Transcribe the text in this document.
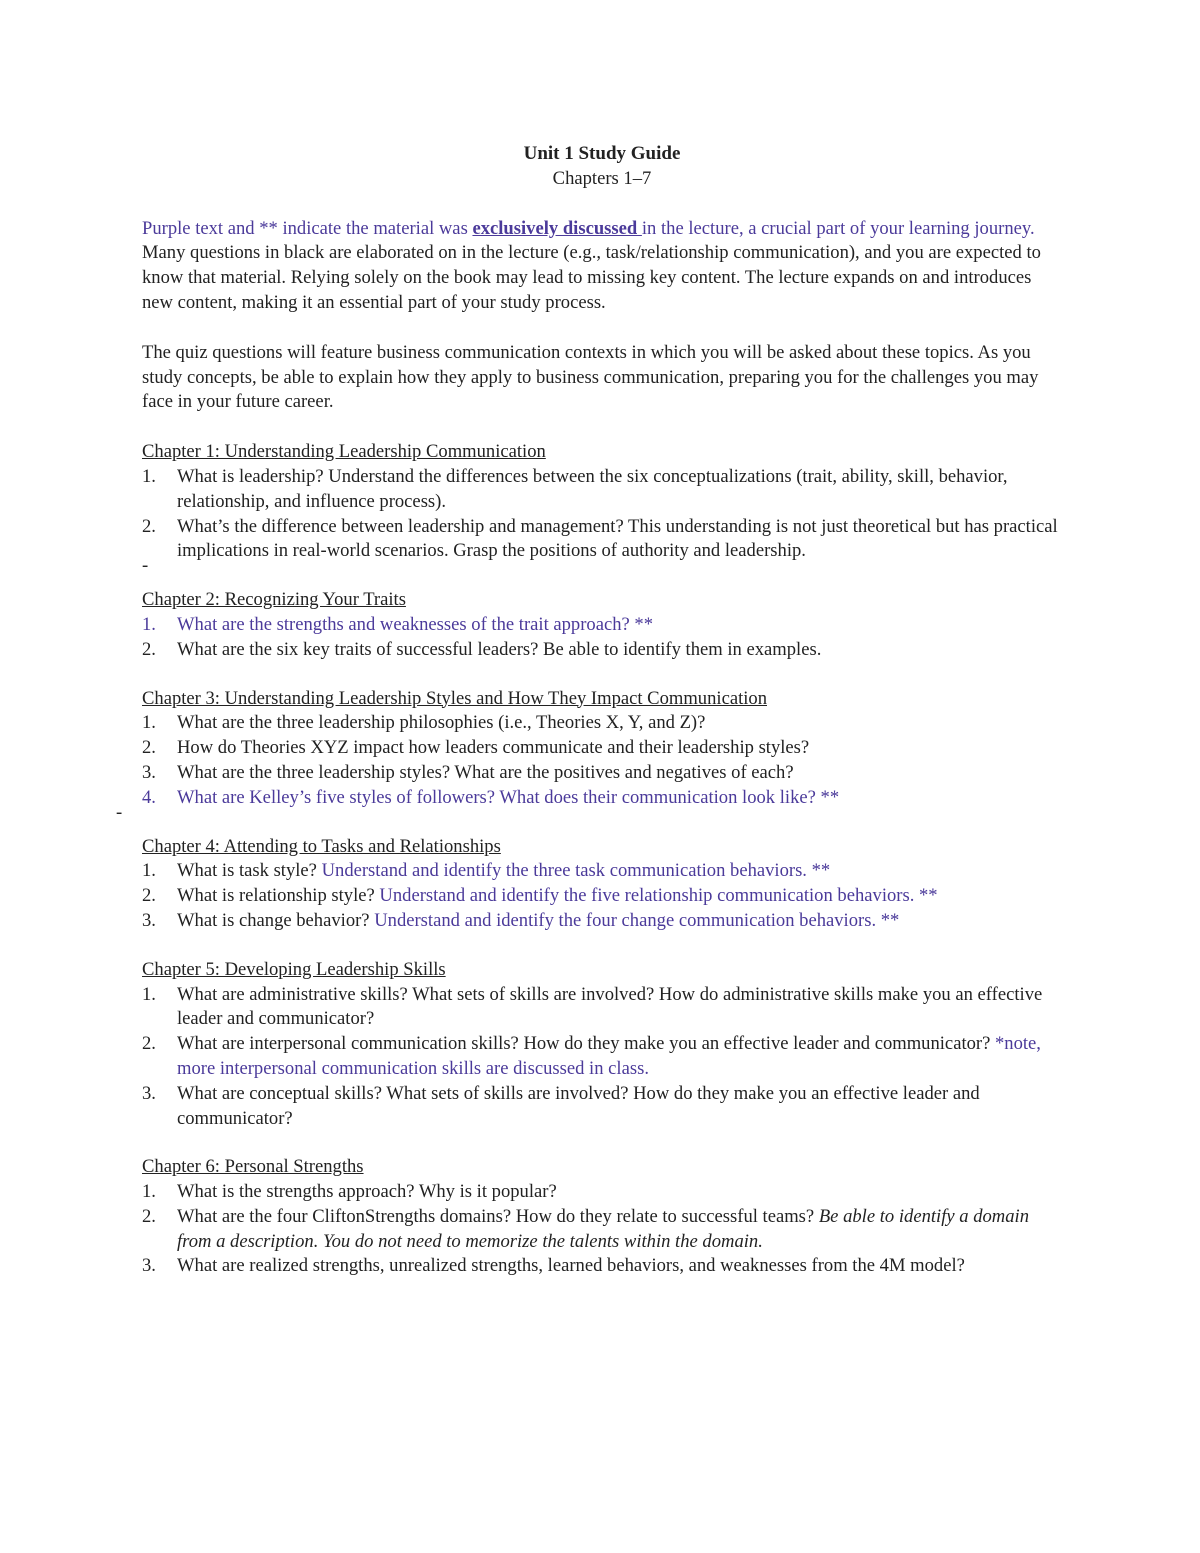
Unit 1 Study Guide
Chapters 1–7

Purple text and ** indicate the material was exclusively discussed in the lecture, a crucial part of your learning journey. Many questions in black are elaborated on in the lecture (e.g., task/relationship communication), and you are expected to know that material. Relying solely on the book may lead to missing key content. The lecture expands on and introduces new content, making it an essential part of your study process.

The quiz questions will feature business communication contexts in which you will be asked about these topics. As you study concepts, be able to explain how they apply to business communication, preparing you for the challenges you may face in your future career.

Chapter 1: Understanding Leadership Communication
1. What is leadership? Understand the differences between the six conceptualizations (trait, ability, skill, behavior, relationship, and influence process).
2. What’s the difference between leadership and management? This understanding is not just theoretical but has practical implications in real-world scenarios. Grasp the positions of authority and leadership.
-
Chapter 2: Recognizing Your Traits
1. What are the strengths and weaknesses of the trait approach? **
2. What are the six key traits of successful leaders? Be able to identify them in examples.
Chapter 3: Understanding Leadership Styles and How They Impact Communication
1. What are the three leadership philosophies (i.e., Theories X, Y, and Z)?
2. How do Theories XYZ impact how leaders communicate and their leadership styles?
3. What are the three leadership styles? What are the positives and negatives of each?
4. What are Kelley’s five styles of followers? What does their communication look like? **
-
Chapter 4: Attending to Tasks and Relationships
1. What is task style? Understand and identify the three task communication behaviors. **
2. What is relationship style? Understand and identify the five relationship communication behaviors. **
3. What is change behavior? Understand and identify the four change communication behaviors. **
Chapter 5: Developing Leadership Skills
1. What are administrative skills? What sets of skills are involved? How do administrative skills make you an effective leader and communicator?
2. What are interpersonal communication skills? How do they make you an effective leader and communicator? *note, more interpersonal communication skills are discussed in class.
3. What are conceptual skills? What sets of skills are involved? How do they make you an effective leader and communicator?
Chapter 6: Personal Strengths
1. What is the strengths approach? Why is it popular?
2. What are the four CliftonStrengths domains? How do they relate to successful teams? Be able to identify a domain from a description. You do not need to memorize the talents within the domain.
3. What are realized strengths, unrealized strengths, learned behaviors, and weaknesses from the 4M model?
